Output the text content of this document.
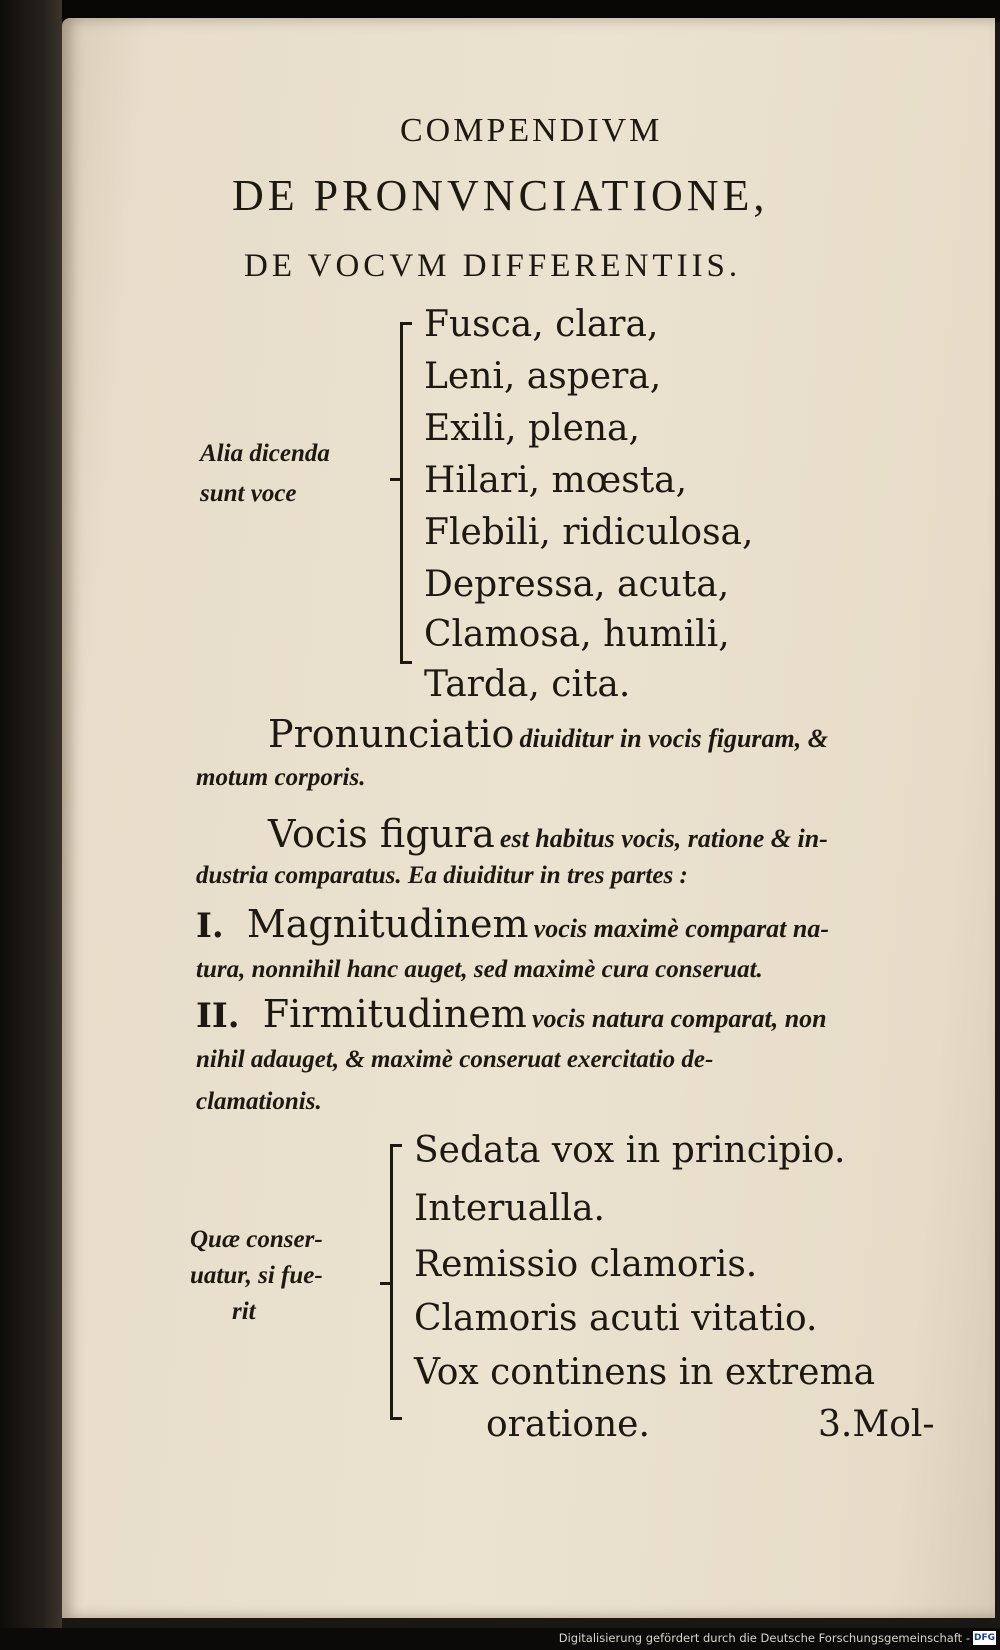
COMPENDIVM
DE PRONVNCIATIONE,
DE VOCVM DIFFERENTIIS.
Alia dicenda
sunt voce
Fusca, clara,
Leni, aspera,
Exili, plena,
Hilari, mœsta,
Flebili, ridiculosa,
Depressa, acuta,
Clamosa, humili,
Tarda, cita.
Pronunciatio diuiditur in vocis figuram, &
motum corporis.
Vocis figura est habitus vocis, ratione & in-
dustria comparatus. Ea diuiditur in tres partes :
I. Magnitudinem vocis maximè comparat na-
tura, nonnihil hanc auget, sed maximè cura conseruat.
II. Firmitudinem vocis natura comparat, non
nihil adauget, & maximè conseruat exercitatio de-
clamationis.
Quæ conser-
uatur, si fue-
rit
Sedata vox in principio.
Interualla.
Remissio clamoris.
Clamoris acuti vitatio.
Vox continens in extrema
oratione.	3.Mol-
Digitalisierung gefördert durch die Deutsche Forschungsgemeinschaft - DFG
